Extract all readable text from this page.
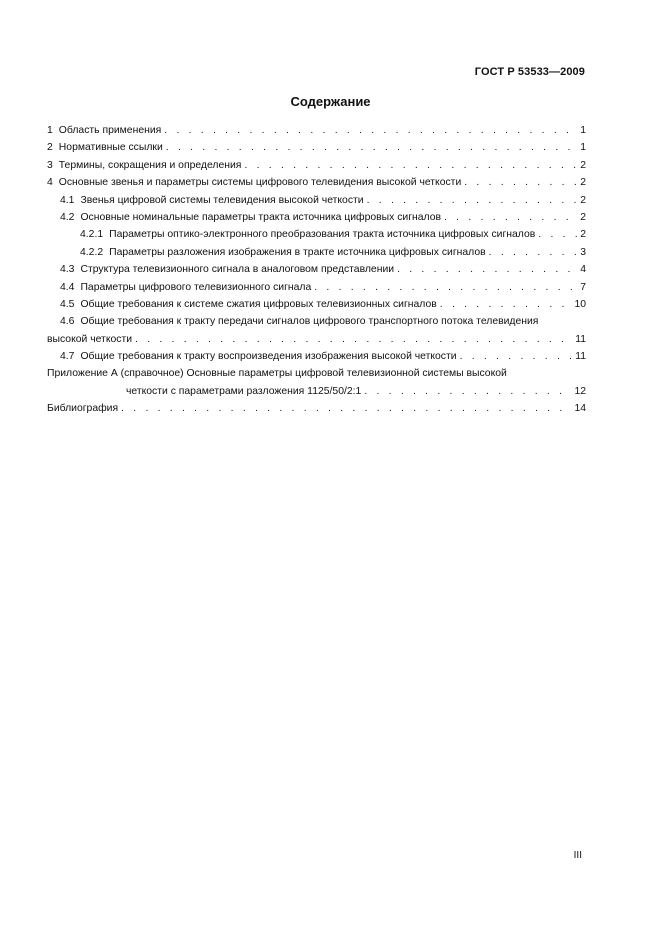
ГОСТ Р 53533—2009
Содержание
1 Область применения . . .	1
2 Нормативные ссылки . . .	1
3 Термины, сокращения и определения . . .	2
4 Основные звенья и параметры системы цифрового телевидения высокой четкости . . .	2
4.1 Звенья цифровой системы телевидения высокой четкости . . .	2
4.2 Основные номинальные параметры тракта источника цифровых сигналов . . .	2
4.2.1 Параметры оптико-электронного преобразования тракта источника цифровых сигналов . . .	2
4.2.2 Параметры разложения изображения в тракте источника цифровых сигналов . . .	3
4.3 Структура телевизионного сигнала в аналоговом представлении . . .	4
4.4 Параметры цифрового телевизионного сигнала . . .	7
4.5 Общие требования к системе сжатия цифровых телевизионных сигналов . . .	10
4.6 Общие требования к тракту передачи сигналов цифрового транспортного потока телевидения
высокой четкости . . .	11
4.7 Общие требования к тракту воспроизведения изображения высокой четкости . . .	11
Приложение А (справочное) Основные параметры цифровой телевизионной системы высокой
четкости с параметрами разложения 1125/50/2:1 . . .	12
Библиография . . .	14
III
